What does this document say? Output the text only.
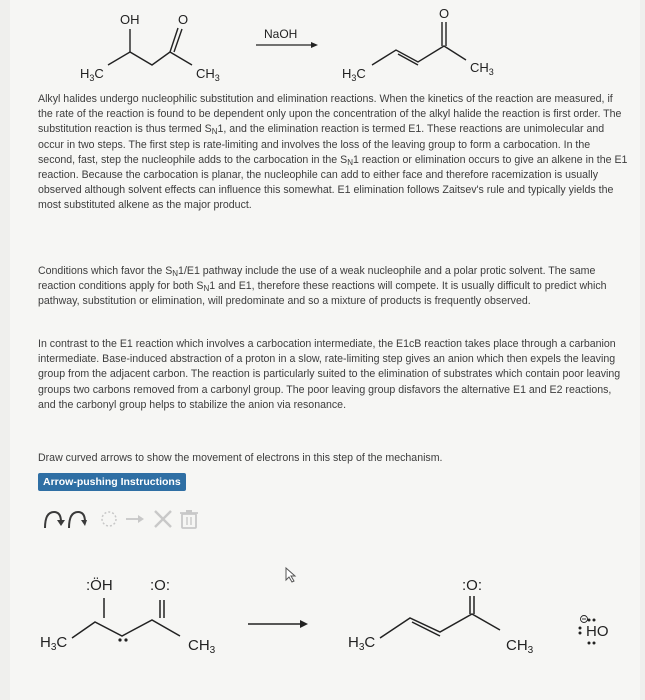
OH	O
$H_3C$	$CH_3$
NaOH
O
$H_3C$	$CH_3$
Alkyl halides undergo nucleophilic substitution and elimination reactions. When the kinetics of the reaction are measured, if the rate of the reaction is found to be dependent only upon the concentration of the alkyl halide the reaction is first order. The substitution reaction is thus termed $S_N1$, and the elimination reaction is termed E1. These reactions are unimolecular and occur in two steps. The first step is rate-limiting and involves the loss of the leaving group to form a carbocation. In the second, fast, step the nucleophile adds to the carbocation in the $S_N1$ reaction or elimination occurs to give an alkene in the E1 reaction. Because the carbocation is planar, the nucleophile can add to either face and therefore racemization is usually observed although solvent effects can influence this somewhat. E1 elimination follows Zaitsev's rule and typically yields the most substituted alkene as the major product.
Conditions which favor the $S_N1/E1$ pathway include the use of a weak nucleophile and a polar protic solvent. The same reaction conditions apply for both $S_N1$ and E1, therefore these reactions will compete. It is usually difficult to predict which pathway, substitution or elimination, will predominate and so a mixture of products is frequently observed.
In contrast to the E1 reaction which involves a carbocation intermediate, the E1cB reaction takes place through a carbanion intermediate. Base-induced abstraction of a proton in a slow, rate-limiting step gives an anion which then expels the leaving group from the adjacent carbon. The reaction is particularly suited to the elimination of substrates which contain poor leaving groups two carbons removed from a carbonyl group. The poor leaving group disfavors the alternative E1 and E2 reactions, and the carbonyl group helps to stabilize the anion via resonance.
Draw curved arrows to show the movement of electrons in this step of the mechanism.
Arrow-pushing Instructions
:ÖH :O:
$H_3C$	$CH_3$
:O:
$H_3C$	$CH_3$
HO
